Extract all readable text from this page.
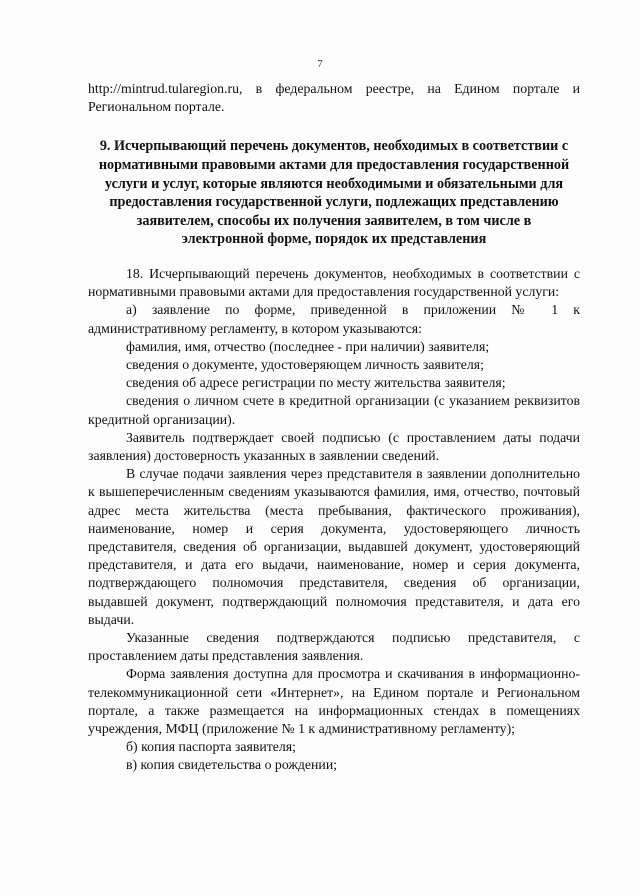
7

http://mintrud.tularegion.ru, в федеральном реестре, на Едином портале и Региональном портале.

9. Исчерпывающий перечень документов, необходимых в соответствии с нормативными правовыми актами для предоставления государственной услуги и услуг, которые являются необходимыми и обязательными для предоставления государственной услуги, подлежащих представлению заявителем, способы их получения заявителем, в том числе в электронной форме, порядок их представления

18. Исчерпывающий перечень документов, необходимых в соответствии с нормативными правовыми актами для предоставления государственной услуги:

а) заявление по форме, приведенной в приложении № 1 к административному регламенту, в котором указываются:

фамилия, имя, отчество (последнее - при наличии) заявителя;

сведения о документе, удостоверяющем личность заявителя;

сведения об адресе регистрации по месту жительства заявителя;

сведения о личном счете в кредитной организации (с указанием реквизитов кредитной организации).

Заявитель подтверждает своей подписью (с проставлением даты подачи заявления) достоверность указанных в заявлении сведений.

В случае подачи заявления через представителя в заявлении дополнительно к вышеперечисленным сведениям указываются фамилия, имя, отчество, почтовый адрес места жительства (места пребывания, фактического проживания), наименование, номер и серия документа, удостоверяющего личность представителя, сведения об организации, выдавшей документ, удостоверяющий представителя, и дата его выдачи, наименование, номер и серия документа, подтверждающего полномочия представителя, сведения об организации, выдавшей документ, подтверждающий полномочия представителя, и дата его выдачи.

Указанные сведения подтверждаются подписью представителя, с проставлением даты представления заявления.

Форма заявления доступна для просмотра и скачивания в информационно-телекоммуникационной сети «Интернет», на Едином портале и Региональном портале, а также размещается на информационных стендах в помещениях учреждения, МФЦ (приложение № 1 к административному регламенту);

б) копия паспорта заявителя;

в) копия свидетельства о рождении;
